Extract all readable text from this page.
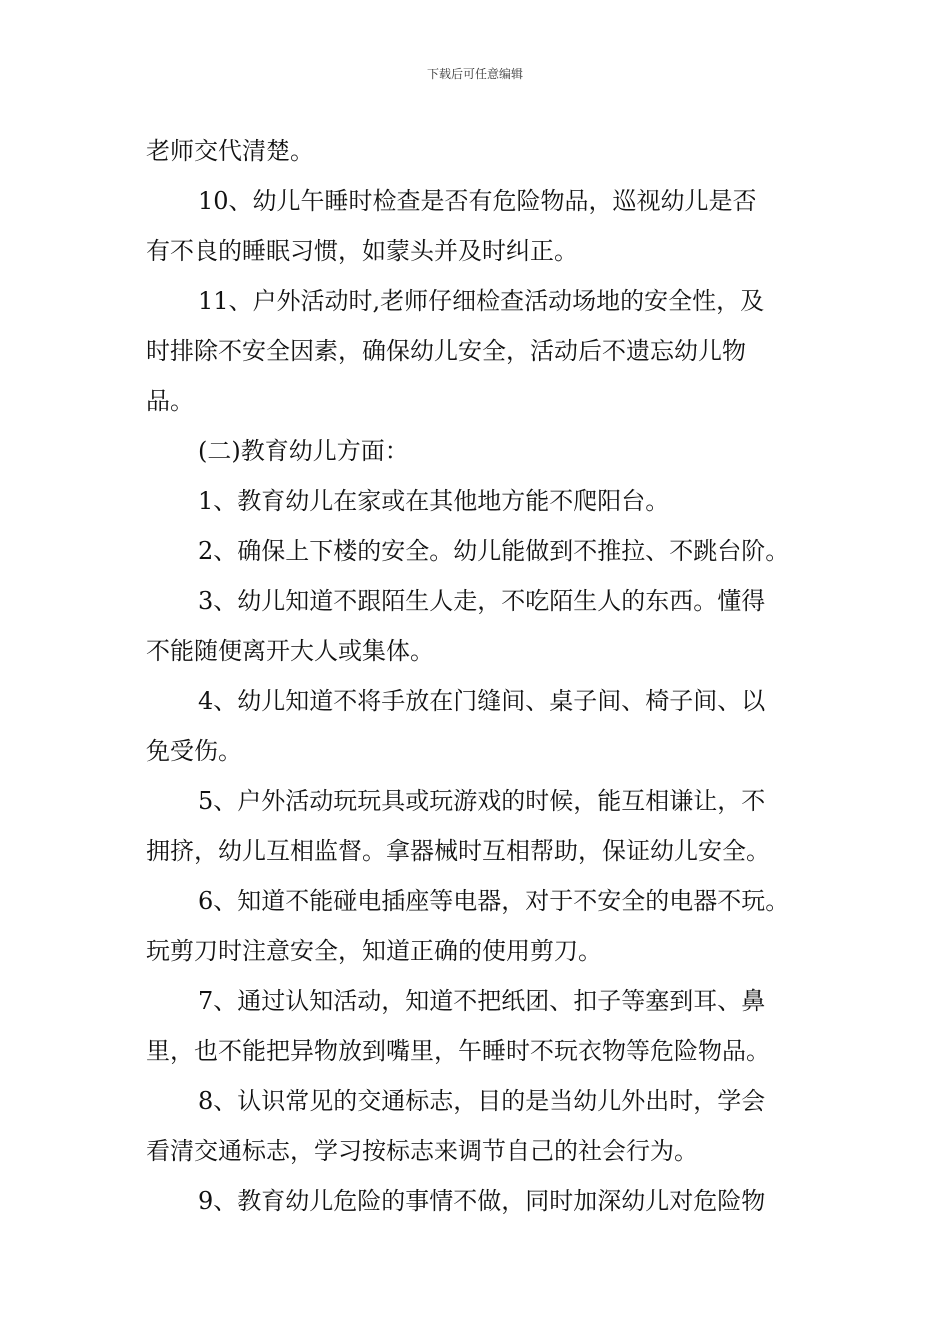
下载后可任意编辑
老师交代清楚。
10、幼儿午睡时检查是否有危险物品，巡视幼儿是否
有不良的睡眠习惯，如蒙头并及时纠正。
11、户外活动时,老师仔细检查活动场地的安全性，及
时排除不安全因素，确保幼儿安全，活动后不遗忘幼儿物
品。
(二)教育幼儿方面：
1、教育幼儿在家或在其他地方能不爬阳台。
2、确保上下楼的安全。幼儿能做到不推拉、不跳台阶。
3、幼儿知道不跟陌生人走，不吃陌生人的东西。懂得
不能随便离开大人或集体。
4、幼儿知道不将手放在门缝间、桌子间、椅子间、以
免受伤。
5、户外活动玩玩具或玩游戏的时候，能互相谦让，不
拥挤，幼儿互相监督。拿器械时互相帮助，保证幼儿安全。
6、知道不能碰电插座等电器，对于不安全的电器不玩。
玩剪刀时注意安全，知道正确的使用剪刀。
7、通过认知活动，知道不把纸团、扣子等塞到耳、鼻
里，也不能把异物放到嘴里，午睡时不玩衣物等危险物品。
8、认识常见的交通标志，目的是当幼儿外出时，学会
看清交通标志，学习按标志来调节自己的社会行为。
9、教育幼儿危险的事情不做，同时加深幼儿对危险物
